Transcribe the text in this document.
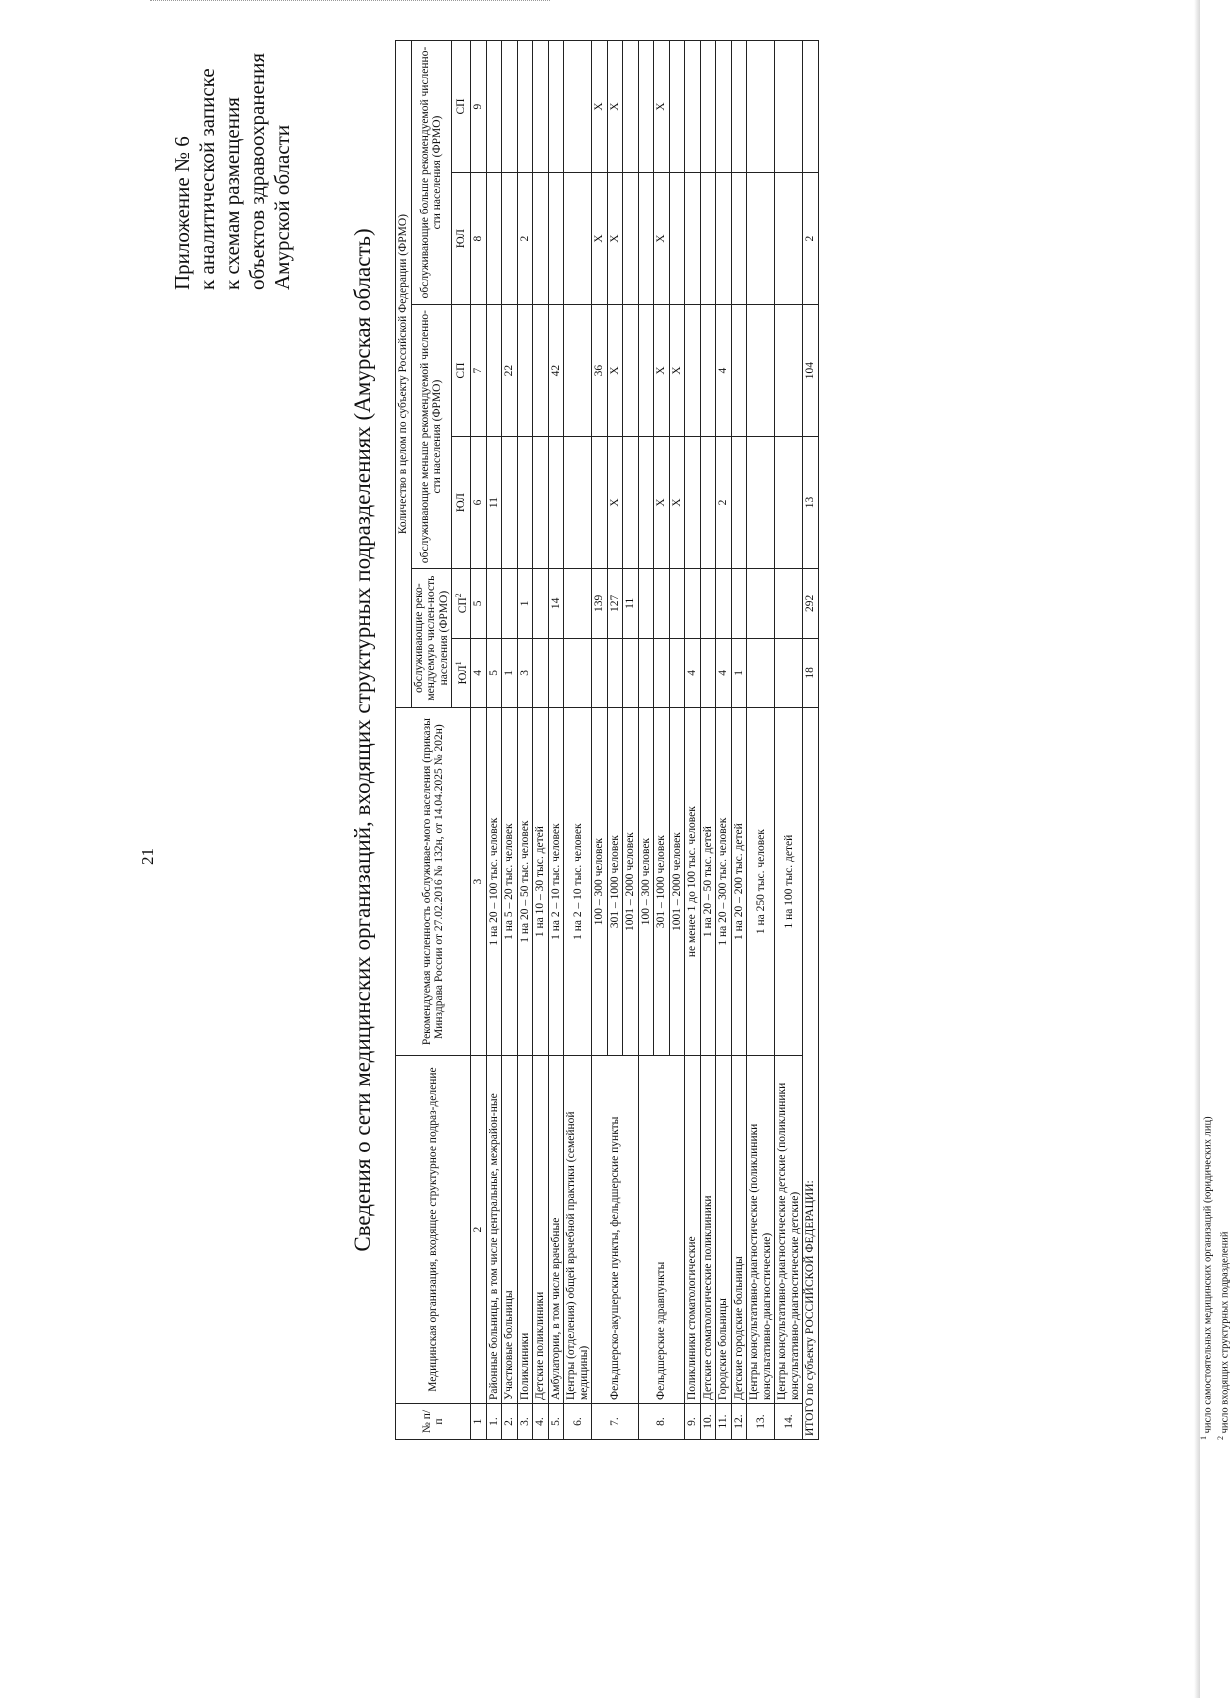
21
Приложение № 6 к аналитической записке к схемам размещения объектов здравоохранения Амурской области
Сведения о сети медицинских организаций, входящих структурных подразделениях (Амурская область)
№ п/п	Медицинская организация, входящее структурное подраз-деление	Рекомендуемая численность обслуживае-мого населения (приказы Минздрава России от 27.02.2016 № 132н, от 14.04.2025 № 202н)	Количество в целом по субъекту Российской Федерации (ФРМО)					
			обслуживающие реко-мендуемую числен-ность населения (ФРМО)		обслуживающие меньше рекомендуемой численно-сти населения (ФРМО)		обслуживающие больше рекомендуемой численно-сти населения (ФРМО)	
			$ЮЛ^1$	$СП^2$	ЮЛ	СП	ЮЛ	СП
1	2	3	4	5	6	7	8	9
1.	Районные больницы, в том числе центральные, межрайон-ные	1 на 20 – 100 тыс. человек	5		11			
2.	Участковые больницы	1 на 5 – 20 тыс. человек	1			22		
3.	Поликлиники	1 на 20 – 50 тыс. человек	3	1			2	
4.	Детские поликлиники	1 на 10 – 30 тыс. детей						
5.	Амбулатории, в том числе врачебные	1 на 2 – 10 тыс. человек		14		42		
6.	Центры (отделения) общей врачебной практики (семейной медицины)	1 на 2 – 10 тыс. человек						
7.	Фельдшерско-акушерские пункты, фельдшерские пункты	100 – 300 человек		139		36	X	X
		301 – 1000 человек		127	X	X	X	X
		1001 – 2000 человек		11				
8.	Фельдшерские здравпункты	100 – 300 человек						
		301 – 1000 человек			X	X	X	X
		1001 – 2000 человек			X	X		
9.	Поликлиники стоматологические	не менее 1 до 100 тыс. человек	4					
10.	Детские стоматологические поликлиники	1 на 20 – 50 тыс. детей						
11.	Городские больницы	1 на 20 – 300 тыс. человек	4		2	4		
12.	Детские городские больницы	1 на 20 – 200 тыс. детей	1					
13.	Центры консультативно-диагностические (поликлиники консультативно-диагностические)	1 на 250 тыс. человек						
14.	Центры консультативно-диагностические детские (поликлиники консультативно-диагностические детские)	1 на 100 тыс. детей						
ИТОГО по субъекту РОССИЙСКОЙ ФЕДЕРАЦИИ:			18	292	13	104	2	
$^1$ число самостоятельных медицинских организаций (юридических лиц)
$^2$ число входящих структурных подразделений
